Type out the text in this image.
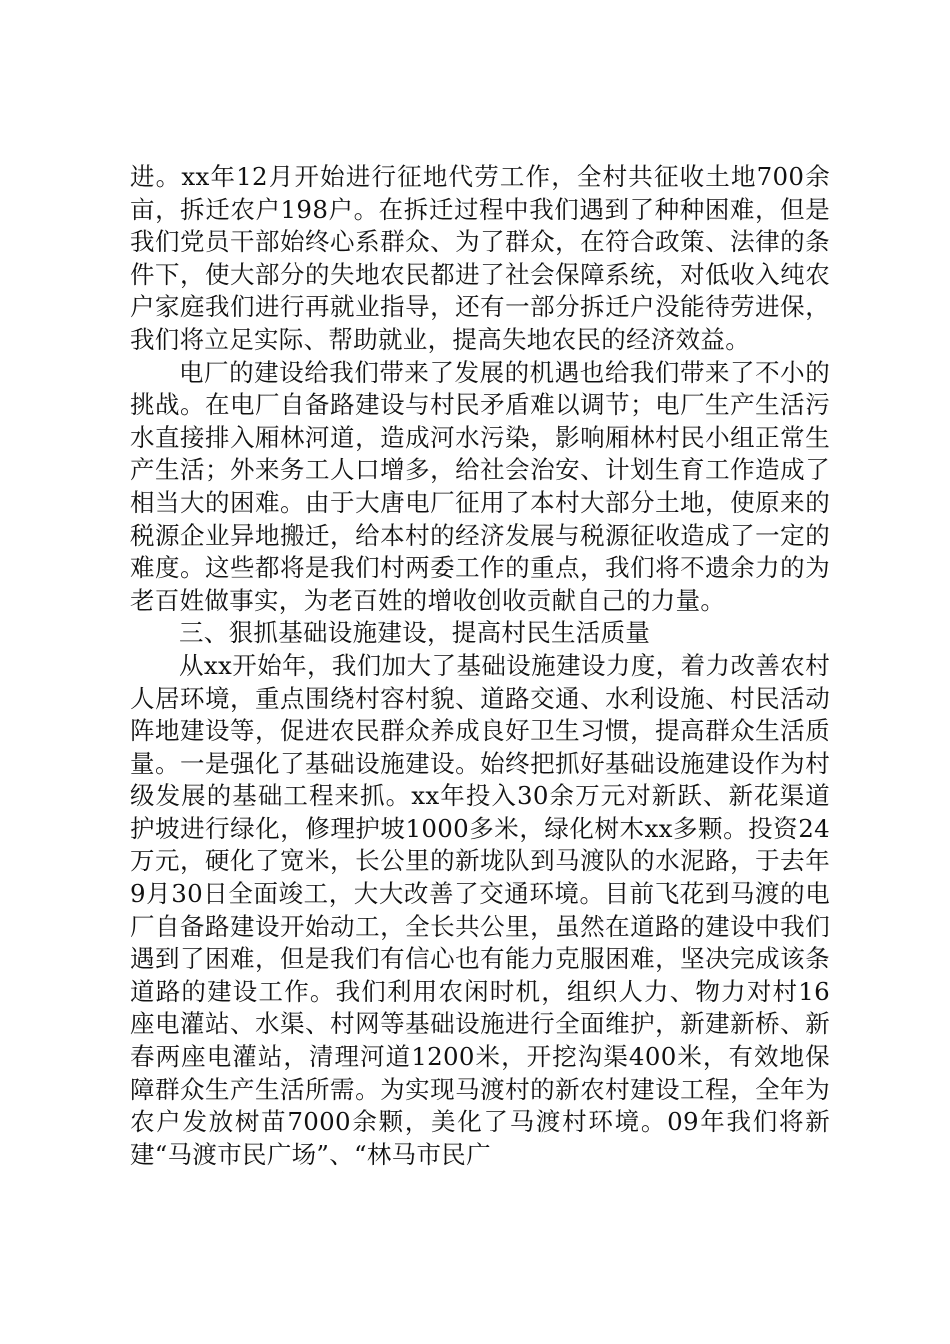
进。xx年12月开始进行征地代劳工作，全村共征收土地700余亩，拆迁农户198户。在拆迁过程中我们遇到了种种困难，但是我们党员干部始终心系群众、为了群众，在符合政策、法律的条件下，使大部分的失地农民都进了社会保障系统，对低收入纯农户家庭我们进行再就业指导，还有一部分拆迁户没能待劳进保，我们将立足实际、帮助就业，提高失地农民的经济效益。

电厂的建设给我们带来了发展的机遇也给我们带来了不小的挑战。在电厂自备路建设与村民矛盾难以调节；电厂生产生活污水直接排入厢林河道，造成河水污染，影响厢林村民小组正常生产生活；外来务工人口增多，给社会治安、计划生育工作造成了相当大的困难。由于大唐电厂征用了本村大部分土地，使原来的税源企业异地搬迁，给本村的经济发展与税源征收造成了一定的难度。这些都将是我们村两委工作的重点，我们将不遗余力的为老百姓做事实，为老百姓的增收创收贡献自己的力量。

三、狠抓基础设施建设，提高村民生活质量

从xx开始年，我们加大了基础设施建设力度，着力改善农村人居环境，重点围绕村容村貌、道路交通、水利设施、村民活动阵地建设等，促进农民群众养成良好卫生习惯，提高群众生活质量。一是强化了基础设施建设。始终把抓好基础设施建设作为村级发展的基础工程来抓。xx年投入30余万元对新跃、新花渠道护坡进行绿化，修理护坡1000多米，绿化树木xx多颗。投资24万元，硬化了宽米，长公里的新垅队到马渡队的水泥路，于去年9月30日全面竣工，大大改善了交通环境。目前飞花到马渡的电厂自备路建设开始动工，全长共公里，虽然在道路的建设中我们遇到了困难，但是我们有信心也有能力克服困难，坚决完成该条道路的建设工作。我们利用农闲时机，组织人力、物力对村16座电灌站、水渠、村网等基础设施进行全面维护，新建新桥、新春两座电灌站，清理河道1200米，开挖沟渠400米，有效地保障群众生产生活所需。为实现马渡村的新农村建设工程，全年为农户发放树苗7000余颗，美化了马渡村环境。09年我们将新建“马渡市民广场”、“林马市民广
